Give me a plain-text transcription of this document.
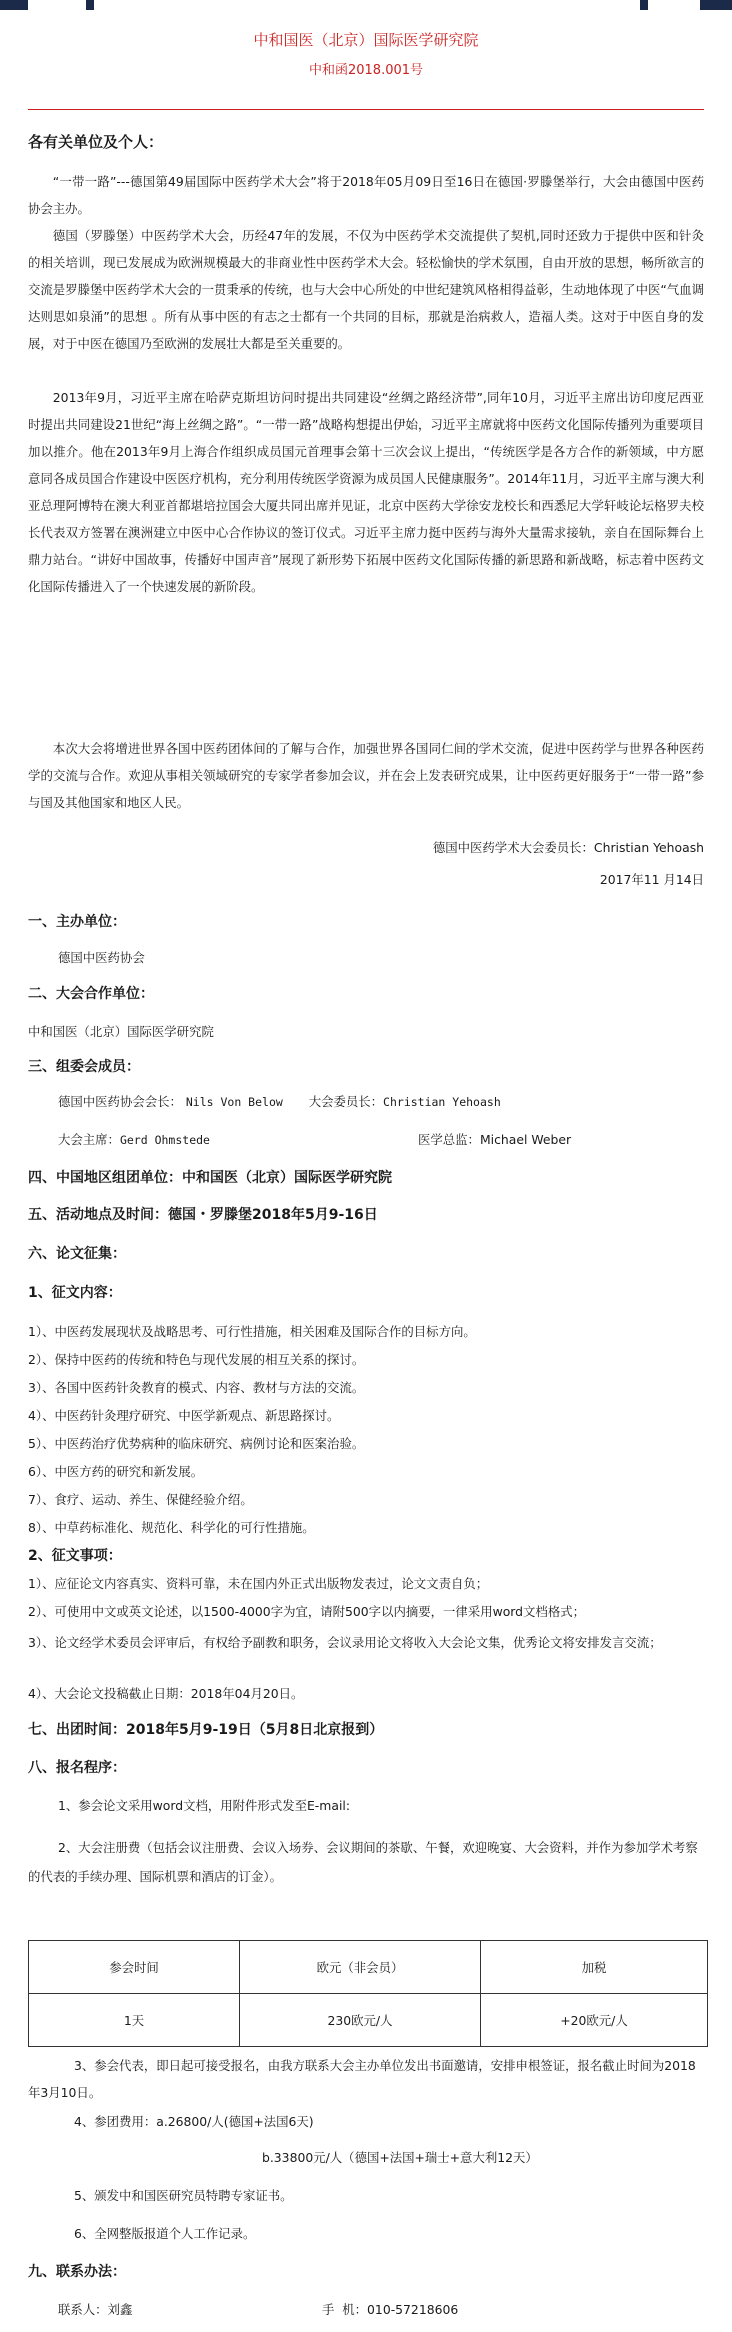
中和国医（北京）国际医学研究院
中和函2018.001号
各有关单位及个人：

“一带一路”---德国第49届国际中医药学术大会”将于2018年05月09日至16日在德国·罗滕堡举行，大会由德国中医药协会主办。

德国（罗滕堡）中医药学术大会，历经47年的发展，不仅为中医药学术交流提供了契机,同时还致力于提供中医和针灸的相关培训，现已发展成为欧洲规模最大的非商业性中医药学术大会。轻松愉快的学术氛围，自由开放的思想，畅所欲言的交流是罗滕堡中医药学术大会的一贯秉承的传统，也与大会中心所处的中世纪建筑风格相得益彰，生动地体现了中医“气血调达则思如泉涌”的思想 。所有从事中医的有志之士都有一个共同的目标，那就是治病救人，造福人类。这对于中医自身的发展，对于中医在德国乃至欧洲的发展壮大都是至关重要的。

2013年9月，习近平主席在哈萨克斯坦访问时提出共同建设“丝绸之路经济带”,同年10月，习近平主席出访印度尼西亚时提出共同建设21世纪“海上丝绸之路”。“一带一路”战略构想提出伊始，习近平主席就将中医药文化国际传播列为重要项目加以推介。他在2013年9月上海合作组织成员国元首理事会第十三次会议上提出，“传统医学是各方合作的新领域，中方愿意同各成员国合作建设中医医疗机构，充分利用传统医学资源为成员国人民健康服务”。2014年11月，习近平主席与澳大利亚总理阿博特在澳大利亚首都堪培拉国会大厦共同出席并见证，北京中医药大学徐安龙校长和西悉尼大学轩岐论坛格罗夫校长代表双方签署在澳洲建立中医中心合作协议的签订仪式。习近平主席力挺中医药与海外大量需求接轨，亲自在国际舞台上鼎力站台。“讲好中国故事，传播好中国声音”展现了新形势下拓展中医药文化国际传播的新思路和新战略，标志着中医药文化国际传播进入了一个快速发展的新阶段。

本次大会将增进世界各国中医药团体间的了解与合作，加强世界各国同仁间的学术交流，促进中医药学与世界各种医药学的交流与合作。欢迎从事相关领域研究的专家学者参加会议，并在会上发表研究成果，让中医药更好服务于“一带一路”参与国及其他国家和地区人民。

德国中医药学术大会委员长：Christian Yehoash
2017年11 月14日
一、主办单位：
德国中医药协会
二、大会合作单位：
中和国医（北京）国际医学研究院
三、组委会成员：
德国中医药协会会长： Nils Von Below 大会委员长：Christian Yehoash
大会主席：Gerd Ohmstede	医学总监：Michael Weber
四、中国地区组团单位：中和国医（北京）国际医学研究院
五、活动地点及时间：德国・罗滕堡2018年5月9-16日
六、论文征集：
1、征文内容：
1）、中医药发展现状及战略思考、可行性措施，相关困难及国际合作的目标方向。
2）、保持中医药的传统和特色与现代发展的相互关系的探讨。
3）、各国中医药针灸教育的模式、内容、教材与方法的交流。
4）、中医药针灸理疗研究、中医学新观点、新思路探讨。
5）、中医药治疗优势病种的临床研究、病例讨论和医案治验。
6）、中医方药的研究和新发展。
7）、食疗、运动、养生、保健经验介绍。
8）、中草药标准化、规范化、科学化的可行性措施。
2、征文事项：
1）、应征论文内容真实、资料可靠，未在国内外正式出版物发表过，论文文责自负；
2）、可使用中文或英文论述，以1500-4000字为宜，请附500字以内摘要，一律采用word文档格式；
3）、论文经学术委员会评审后，有权给予副教和职务，会议录用论文将收入大会论文集，优秀论文将安排发言交流；
4）、大会论文投稿截止日期：2018年04月20日。
七、出团时间：2018年5月9-19日（5月8日北京报到）
八、报名程序：
1、参会论文采用word文档，用附件形式发至E-mail:
2、大会注册费（包括会议注册费、会议入场券、会议期间的茶歇、午餐，欢迎晚宴、大会资料，并作为参加学术考察的代表的手续办理、国际机票和酒店的订金）。
参会时间	欧元（非会员）	加税
1天	230欧元/人	+20欧元/人
3、参会代表，即日起可接受报名，由我方联系大会主办单位发出书面邀请，安排申根签证，报名截止时间为2018年3月10日。
4、参团费用：a.26800/人(德国+法国6天)
b.33800元/人（德国+法国+瑞士+意大利12天）
5、颁发中和国医研究员特聘专家证书。
6、全网整版报道个人工作记录。
九、联系办法：
联系人：刘鑫	手  机：010-57218606
